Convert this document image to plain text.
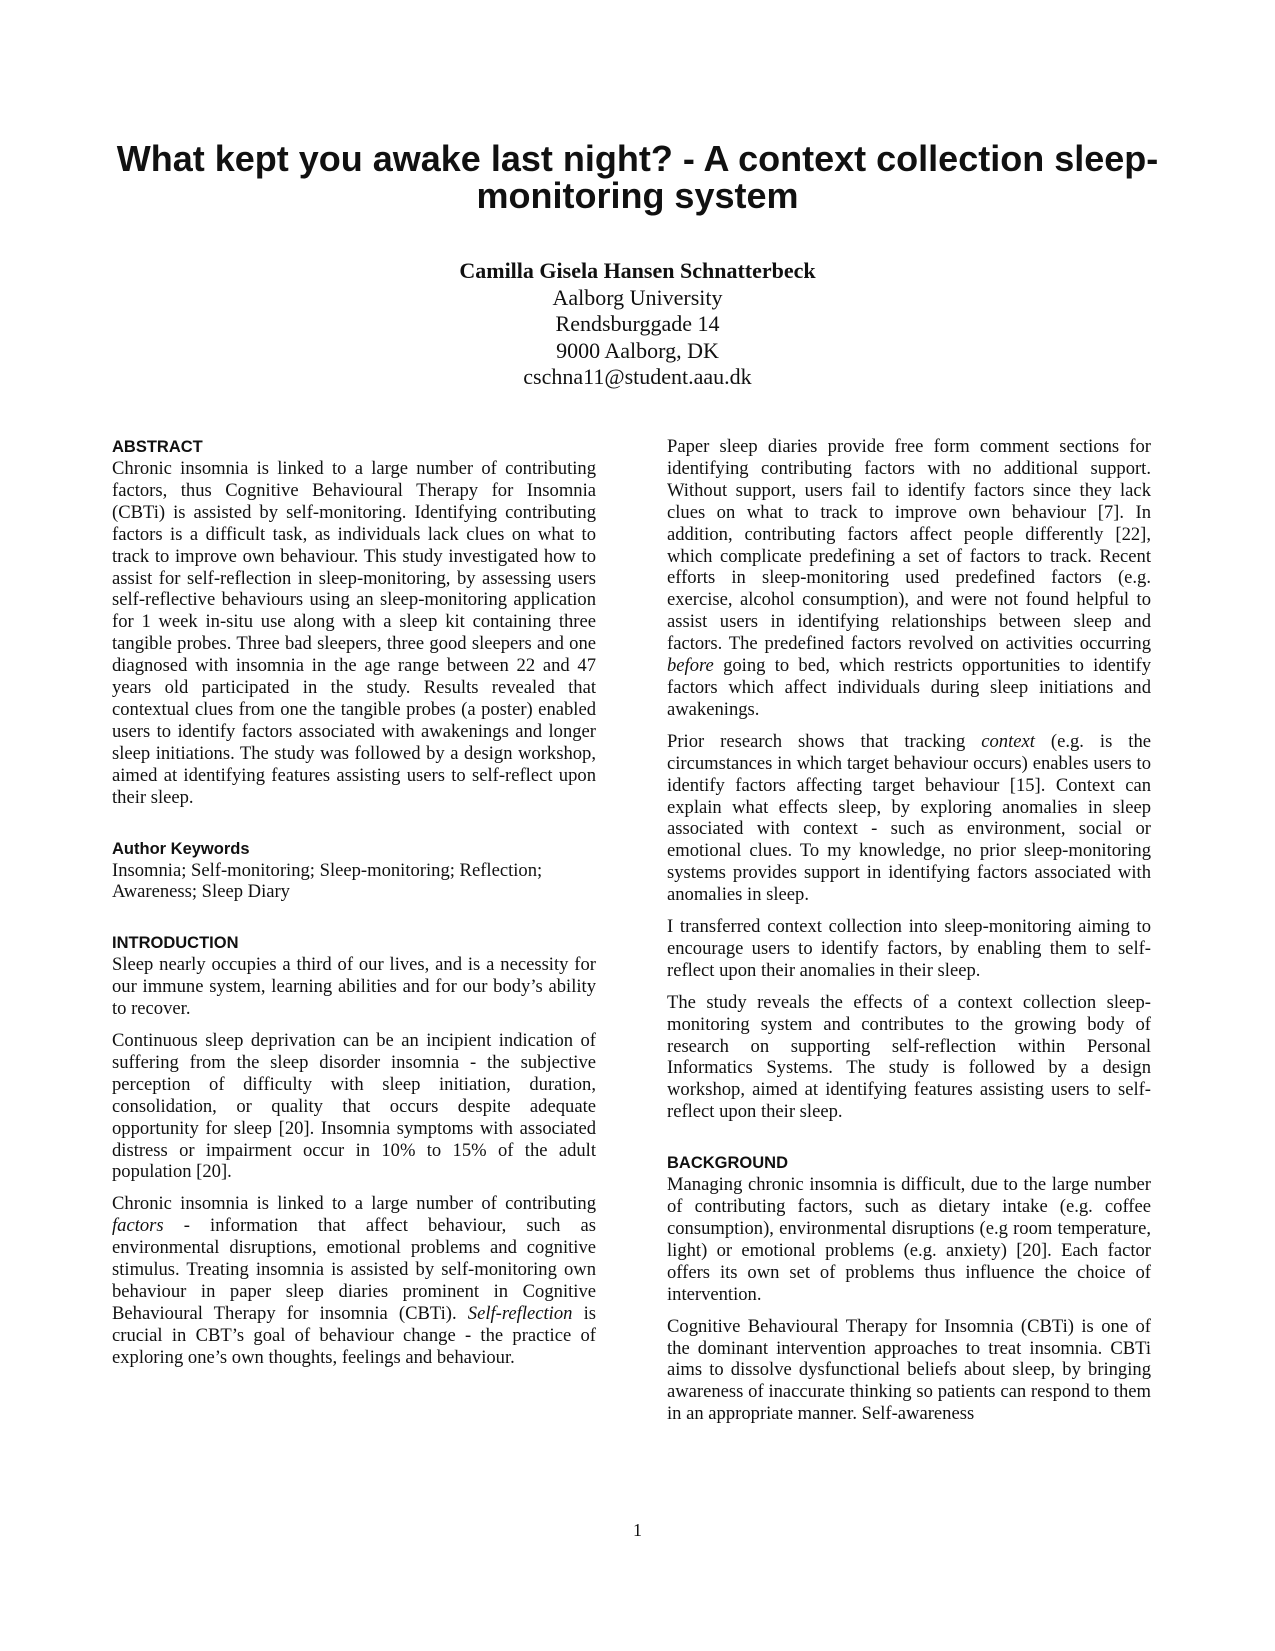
What kept you awake last night? - A context collection sleep-monitoring system
Camilla Gisela Hansen Schnatterbeck
Aalborg University
Rendsburggade 14
9000 Aalborg, DK
cschna11@student.aau.dk
ABSTRACT

Chronic insomnia is linked to a large number of contributing factors, thus Cognitive Behavioural Therapy for Insomnia (CBTi) is assisted by self-monitoring. Identifying contributing factors is a difficult task, as individuals lack clues on what to track to improve own behaviour. This study investigated how to assist for self-reflection in sleep-monitoring, by assessing users self-reflective behaviours using an sleep-monitoring application for 1 week in-situ use along with a sleep kit containing three tangible probes. Three bad sleepers, three good sleepers and one diagnosed with insomnia in the age range between 22 and 47 years old participated in the study. Results revealed that contextual clues from one the tangible probes (a poster) enabled users to identify factors associated with awakenings and longer sleep initiations. The study was followed by a design workshop, aimed at identifying features assisting users to self-reflect upon their sleep.

Author Keywords

Insomnia; Self-monitoring; Sleep-monitoring; Reflection; Awareness; Sleep Diary

INTRODUCTION

Sleep nearly occupies a third of our lives, and is a necessity for our immune system, learning abilities and for our body’s ability to recover.

Continuous sleep deprivation can be an incipient indication of suffering from the sleep disorder insomnia - the subjective perception of difficulty with sleep initiation, duration, consolidation, or quality that occurs despite adequate opportunity for sleep [20]. Insomnia symptoms with associated distress or impairment occur in 10% to 15% of the adult population [20].

Chronic insomnia is linked to a large number of contributing factors - information that affect behaviour, such as environmental disruptions, emotional problems and cognitive stimulus. Treating insomnia is assisted by self-monitoring own behaviour in paper sleep diaries prominent in Cognitive Behavioural Therapy for insomnia (CBTi). Self-reflection is crucial in CBT’s goal of behaviour change - the practice of exploring one’s own thoughts, feelings and behaviour.

Paper sleep diaries provide free form comment sections for identifying contributing factors with no additional support. Without support, users fail to identify factors since they lack clues on what to track to improve own behaviour [7]. In addition, contributing factors affect people differently [22], which complicate predefining a set of factors to track. Recent efforts in sleep-monitoring used predefined factors (e.g. exercise, alcohol consumption), and were not found helpful to assist users in identifying relationships between sleep and factors. The predefined factors revolved on activities occurring before going to bed, which restricts opportunities to identify factors which affect individuals during sleep initiations and awakenings.

Prior research shows that tracking context (e.g. is the circumstances in which target behaviour occurs) enables users to identify factors affecting target behaviour [15]. Context can explain what effects sleep, by exploring anomalies in sleep associated with context - such as environment, social or emotional clues. To my knowledge, no prior sleep-monitoring systems provides support in identifying factors associated with anomalies in sleep.

I transferred context collection into sleep-monitoring aiming to encourage users to identify factors, by enabling them to self-reflect upon their anomalies in their sleep.

The study reveals the effects of a context collection sleep-monitoring system and contributes to the growing body of research on supporting self-reflection within Personal Informatics Systems. The study is followed by a design workshop, aimed at identifying features assisting users to self-reflect upon their sleep.

BACKGROUND

Managing chronic insomnia is difficult, due to the large number of contributing factors, such as dietary intake (e.g. coffee consumption), environmental disruptions (e.g room temperature, light) or emotional problems (e.g. anxiety) [20]. Each factor offers its own set of problems thus influence the choice of intervention.

Cognitive Behavioural Therapy for Insomnia (CBTi) is one of the dominant intervention approaches to treat insomnia. CBTi aims to dissolve dysfunctional beliefs about sleep, by bringing awareness of inaccurate thinking so patients can respond to them in an appropriate manner. Self-awareness

1
